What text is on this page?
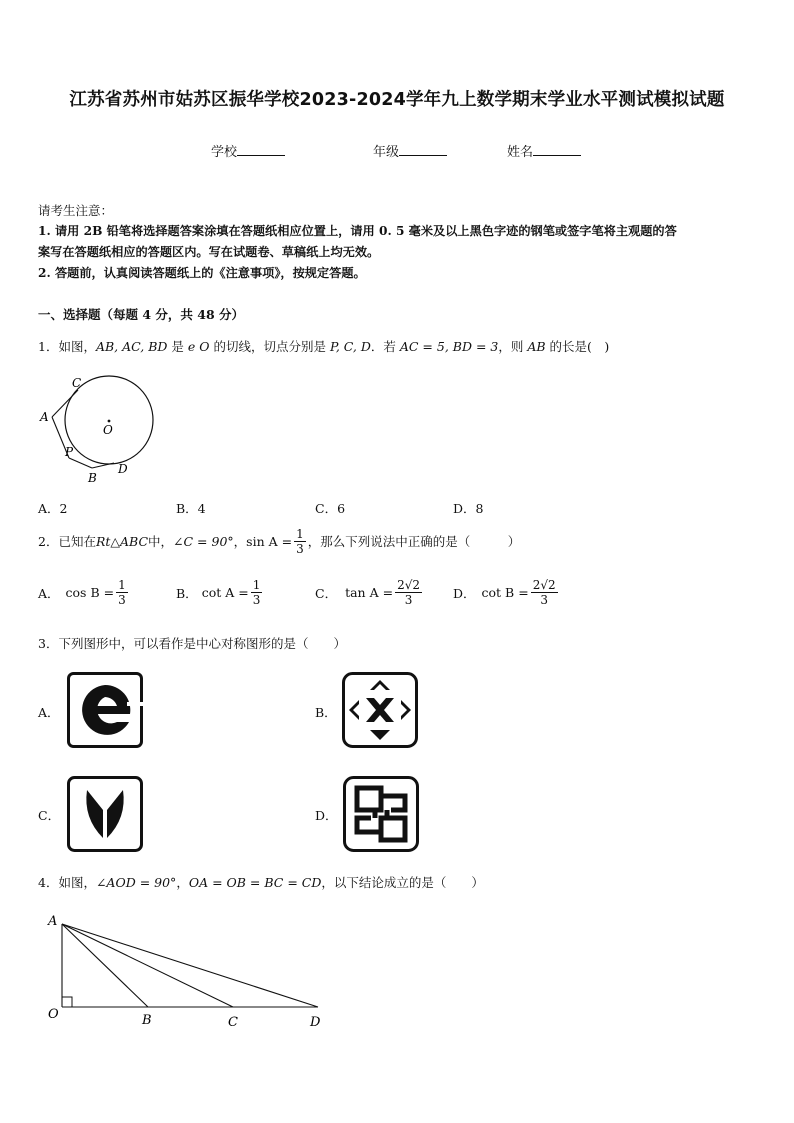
江苏省苏州市姑苏区振华学校2023-2024学年九上数学期末学业水平测试模拟试题
学校	年级	姓名
请考生注意：
1. 请用 2B 铅笔将选择题答案涂填在答题纸相应位置上，请用 0. 5 毫米及以上黑色字迹的钢笔或签字笔将主观题的答
案写在答题纸相应的答题区内。写在试题卷、草稿纸上均无效。
2. 答题前，认真阅读答题纸上的《注意事项》，按规定答题。
一、选择题（每题 4 分，共 48 分）
1．如图，AB, AC, BD 是 e O 的切线，切点分别是 P, C, D．若 AC = 5, BD = 3，则 AB 的长是(　)
C
A
O
P
B
D
A．2	B．4	C．6	D．8
2．已知在 Rt△ABC 中， ∠C = 90° ， $\sin A = \frac{1}{3}$ ，那么下列说法中正确的是（　　　）
A． $\cos B = \frac{1}{3}$	B． $\cot A = \frac{1}{3}$	C． $\tan A = \frac{2√2}{3}$ D． $\cot B = \frac{2√2}{3}$
3．下列图形中，可以看作是中心对称图形的是（　　）
A．	B．
C．	D．
4．如图，∠AOD = 90°，OA = OB = BC = CD，以下结论成立的是（　　）
A
O	B	C	D
